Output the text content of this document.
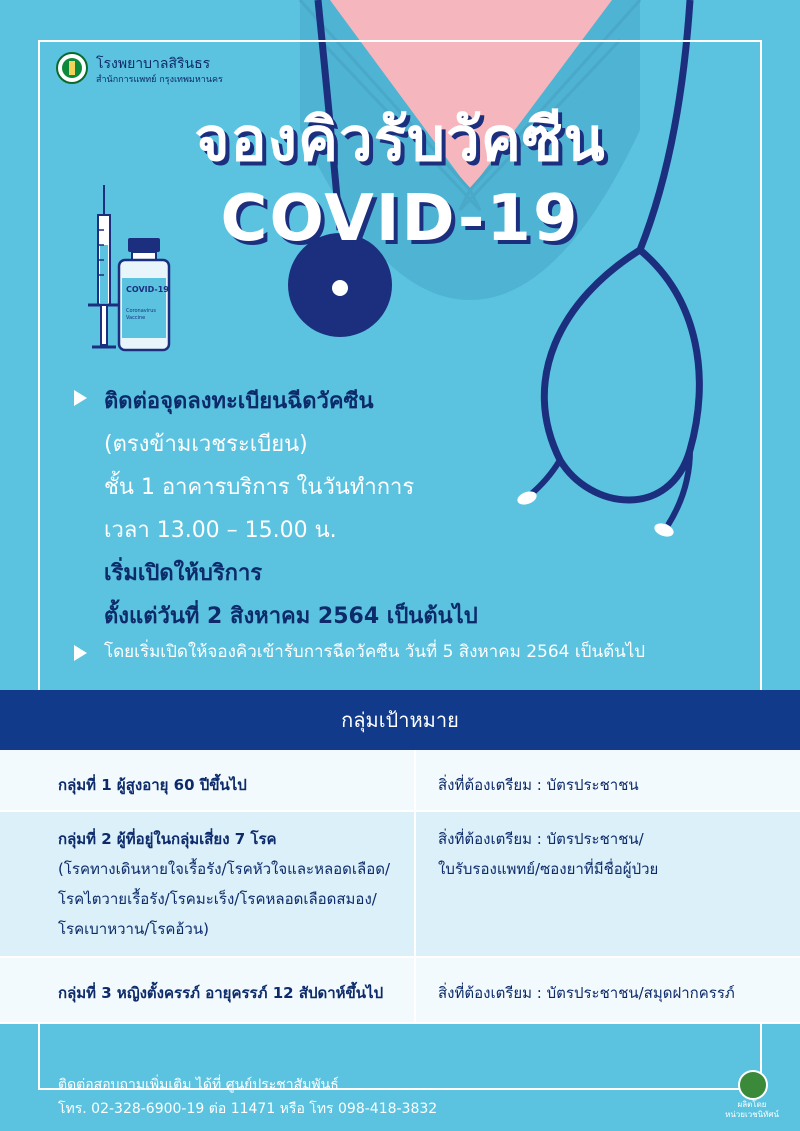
โรงพยาบาลสิรินธร
สำนักการแพทย์ กรุงเทพมหานคร
จองคิวรับวัคซีน
COVID-19
COVID-19
Coronavirus
Vaccine
ติดต่อจุดลงทะเบียนฉีดวัคซีน
(ตรงข้ามเวชระเบียน)
ชั้น 1 อาคารบริการ ในวันทำการ
เวลา 13.00 – 15.00 น.
เริ่มเปิดให้บริการ
ตั้งแต่วันที่ 2 สิงหาคม 2564 เป็นต้นไป
โดยเริ่มเปิดให้จองคิวเข้ารับการฉีดวัคซีน วันที่ 5 สิงหาคม 2564 เป็นต้นไป
กลุ่มเป้าหมาย
กลุ่มที่ 1 ผู้สูงอายุ 60 ปีขึ้นไป	สิ่งที่ต้องเตรียม : บัตรประชาชน
กลุ่มที่ 2 ผู้ที่อยู่ในกลุ่มเสี่ยง 7 โรค
(โรคทางเดินหายใจเรื้อรัง/โรคหัวใจและหลอดเลือด/
โรคไตวายเรื้อรัง/โรคมะเร็ง/โรคหลอดเลือดสมอง/
โรคเบาหวาน/โรคอ้วน)
สิ่งที่ต้องเตรียม : บัตรประชาชน/
ใบรับรองแพทย์/ซองยาที่มีชื่อผู้ป่วย
กลุ่มที่ 3 หญิงตั้งครรภ์ อายุครรภ์ 12 สัปดาห์ขึ้นไป	สิ่งที่ต้องเตรียม : บัตรประชาชน/สมุดฝากครรภ์
ติดต่อสอบถามเพิ่มเติม ได้ที่ ศูนย์ประชาสัมพันธ์
โทร. 02-328-6900-19 ต่อ 11471 หรือ โทร 098-418-3832	ผลิตโดย
หน่วยเวชนิทัศน์
